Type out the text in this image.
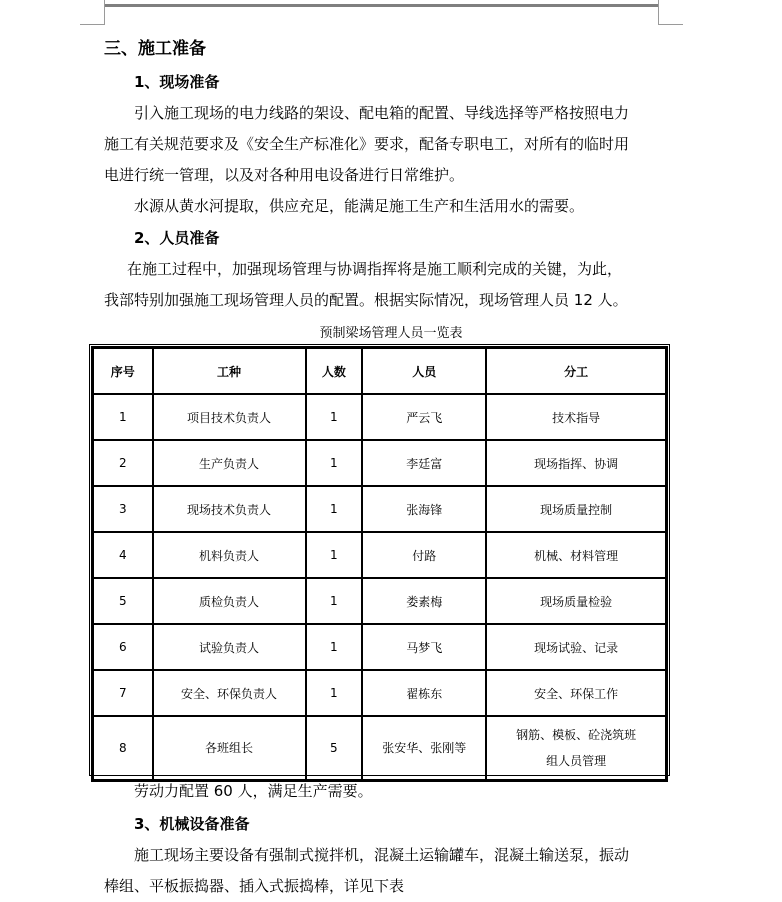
三、施工准备
1、现场准备
引入施工现场的电力线路的架设、配电箱的配置、导线选择等严格按照电力
施工有关规范要求及《安全生产标准化》要求，配备专职电工，对所有的临时用
电进行统一管理，以及对各种用电设备进行日常维护。
水源从黄水河提取，供应充足，能满足施工生产和生活用水的需要。
2、人员准备
在施工过程中，加强现场管理与协调指挥将是施工顺利完成的关键，为此，
我部特别加强施工现场管理人员的配置。根据实际情况，现场管理人员 12 人。
预制梁场管理人员一览表
序号	工种	人数	人员	分工
1	项目技术负责人	1	严云飞	技术指导
2	生产负责人	1	李廷富	现场指挥、协调
3	现场技术负责人	1	张海锋	现场质量控制
4	机料负责人	1	付路	机械、材料管理
5	质检负责人	1	娄素梅	现场质量检验
6	试验负责人	1	马梦飞	现场试验、记录
7	安全、环保负责人	1	翟栋东	安全、环保工作
8	各班组长	5	张安华、张刚等	钢筋、模板、砼浇筑班
组人员管理
劳动力配置 60 人，满足生产需要。
3、机械设备准备
施工现场主要设备有强制式搅拌机，混凝土运输罐车，混凝土输送泵，振动
棒组、平板振捣器、插入式振捣棒，详见下表
